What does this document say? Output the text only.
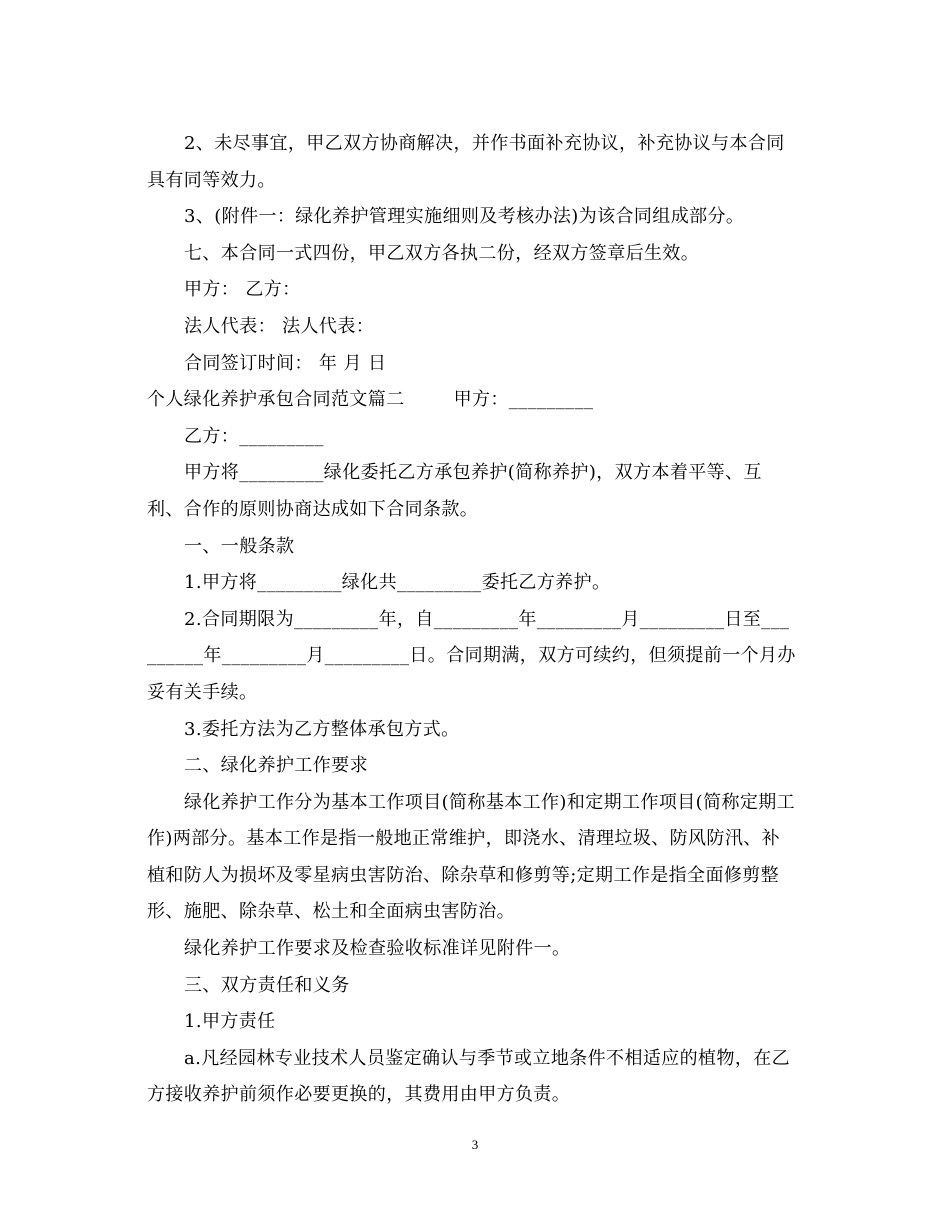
2、未尽事宜，甲乙双方协商解决，并作书面补充协议，补充协议与本合同具有同等效力。

3、(附件一：绿化养护管理实施细则及考核办法)为该合同组成部分。

七、本合同一式四份，甲乙双方各执二份，经双方签章后生效。

甲方： 乙方：

法人代表： 法人代表：

合同签订时间： 年 月 日

个人绿化养护承包合同范文篇二        甲方：_________

乙方：_________

甲方将_________绿化委托乙方承包养护(简称养护)，双方本着平等、互利、合作的原则协商达成如下合同条款。

一、一般条款

1.甲方将_________绿化共_________委托乙方养护。

2.合同期限为_________年，自_________年_________月_________日至_________年_________月_________日。合同期满，双方可续约，但须提前一个月办妥有关手续。

3.委托方法为乙方整体承包方式。

二、绿化养护工作要求

绿化养护工作分为基本工作项目(简称基本工作)和定期工作项目(简称定期工作)两部分。基本工作是指一般地正常维护，即浇水、清理垃圾、防风防汛、补植和防人为损坏及零星病虫害防治、除杂草和修剪等;定期工作是指全面修剪整形、施肥、除杂草、松土和全面病虫害防治。

绿化养护工作要求及检查验收标准详见附件一。

三、双方责任和义务

1.甲方责任

a.凡经园林专业技术人员鉴定确认与季节或立地条件不相适应的植物，在乙方接收养护前须作必要更换的，其费用由甲方负责。

3
